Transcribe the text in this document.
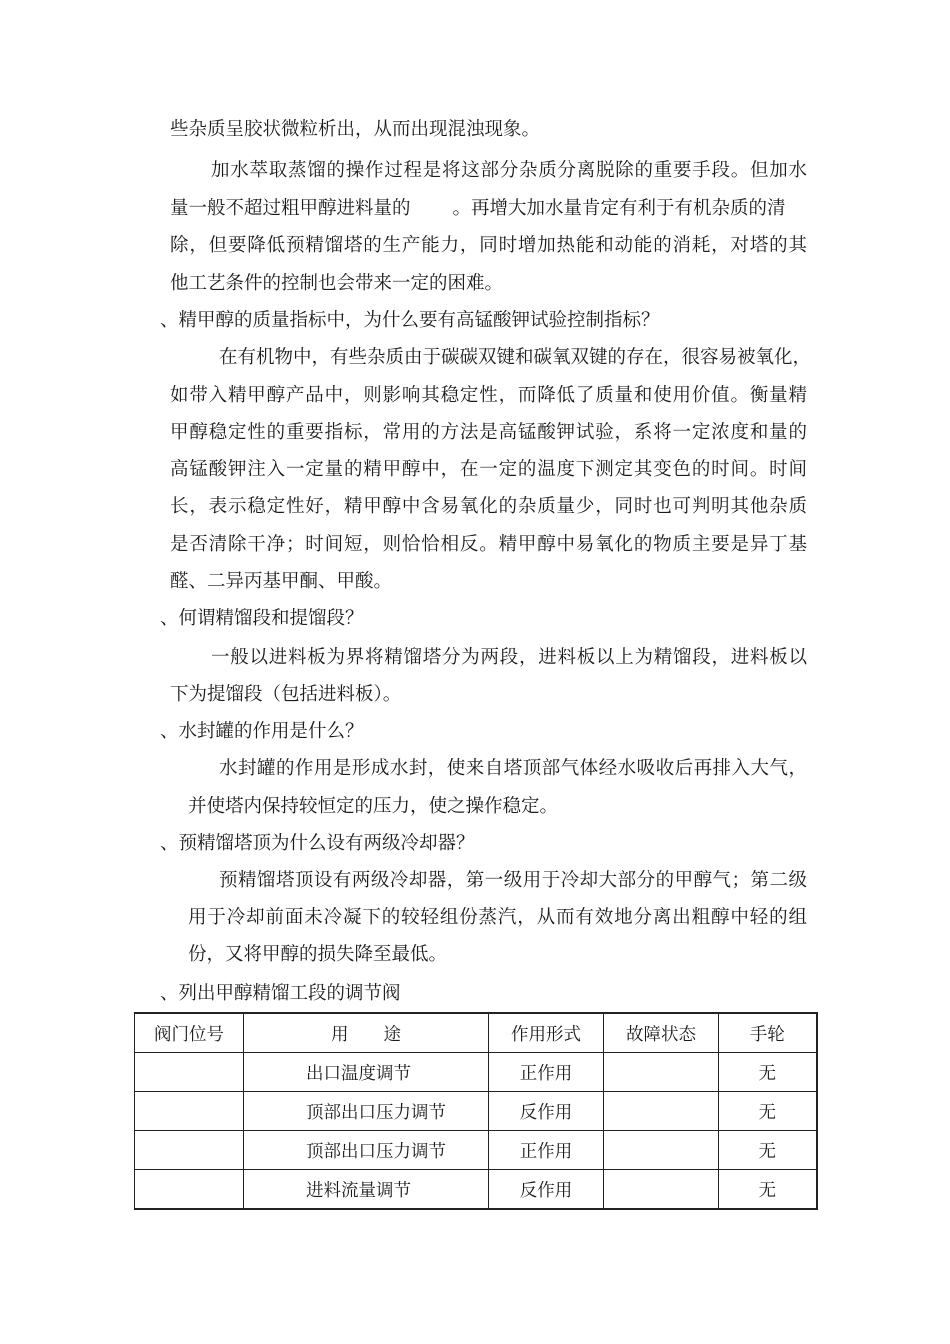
些杂质呈胶状微粒析出，从而出现混浊现象。
加水萃取蒸馏的操作过程是将这部分杂质分离脱除的重要手段。但加水
量一般不超过粗甲醇进料量的 。再增大加水量肯定有利于有机杂质的清
除，但要降低预精馏塔的生产能力，同时增加热能和动能的消耗，对塔的其
他工艺条件的控制也会带来一定的困难。
、精甲醇的质量指标中，为什么要有高锰酸钾试验控制指标？
在有机物中，有些杂质由于碳碳双键和碳氧双键的存在，很容易被氧化，
如带入精甲醇产品中，则影响其稳定性，而降低了质量和使用价值。衡量精
甲醇稳定性的重要指标，常用的方法是高锰酸钾试验，系将一定浓度和量的
高锰酸钾注入一定量的精甲醇中，在一定的温度下测定其变色的时间。时间
长，表示稳定性好，精甲醇中含易氧化的杂质量少，同时也可判明其他杂质
是否清除干净；时间短，则恰恰相反。精甲醇中易氧化的物质主要是异丁基
醛、二异丙基甲酮、甲酸。
、何谓精馏段和提馏段？
一般以进料板为界将精馏塔分为两段，进料板以上为精馏段，进料板以
下为提馏段（包括进料板）。
、水封罐的作用是什么？
水封罐的作用是形成水封，使来自塔顶部气体经水吸收后再排入大气，
并使塔内保持较恒定的压力，使之操作稳定。
、预精馏塔顶为什么设有两级冷却器？
预精馏塔顶设有两级冷却器，第一级用于冷却大部分的甲醇气；第二级
用于冷却前面未冷凝下的较轻组份蒸汽，从而有效地分离出粗醇中轻的组
份，又将甲醇的损失降至最低。
、列出甲醇精馏工段的调节阀
阀门位号	用　　途	作用形式	故障状态	手轮
	出口温度调节	正作用		无
	顶部出口压力调节	反作用		无
	顶部出口压力调节	正作用		无
	进料流量调节	反作用		无
